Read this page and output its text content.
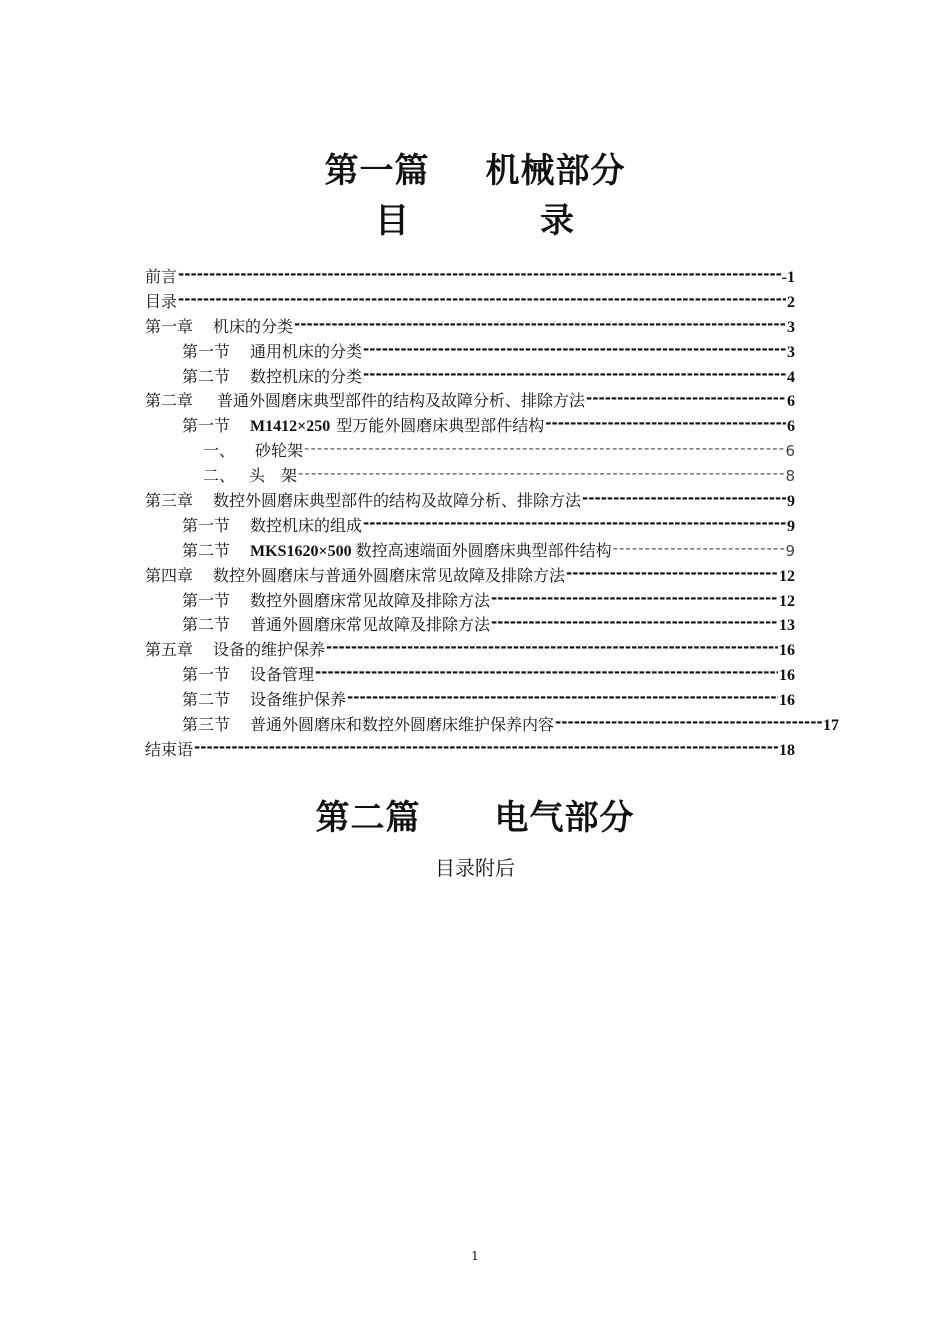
第一篇 机械部分
目	录
前言 -----	-1
目录 -----	2
第一章 机床的分类 -----	3
第一节 通用机床的分类 -----	3
第二节 数控机床的分类 -----	4
第二章 普通外圆磨床典型部件的结构及故障分析、排除方法 -----	6
第一节 M1412×250 型万能外圆磨床典型部件结构 -----	6
一、 砂轮架 -----	6
二、 头　架 -----	8
第三章 数控外圆磨床典型部件的结构及故障分析、排除方法 -----	9
第一节 数控机床的组成 -----	9
第二节 MKS1620×500 数控高速端面外圆磨床典型部件结构 -----	9
第四章 数控外圆磨床与普通外圆磨床常见故障及排除方法 -----	12
第一节 数控外圆磨床常见故障及排除方法 -----	12
第二节 普通外圆磨床常见故障及排除方法 -----	13
第五章 设备的维护保养 -----	16
第一节 设备管理 -----	16
第二节 设备维护保养 -----	16
第三节 普通外圆磨床和数控外圆磨床维护保养内容 -----	17
结束语 -----	18
第二篇 电气部分
目录附后
1
